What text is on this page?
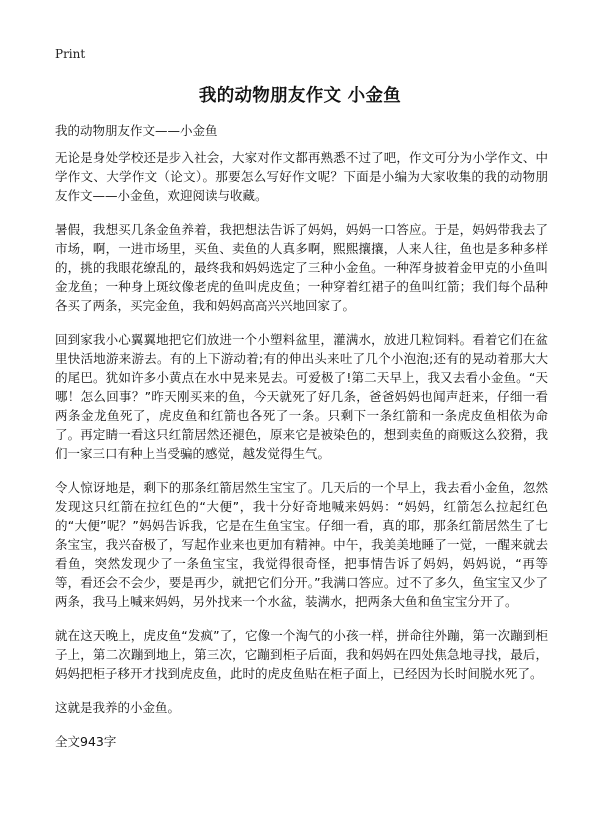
Print
我的动物朋友作文 小金鱼
我的动物朋友作文——小金鱼

无论是身处学校还是步入社会，大家对作文都再熟悉不过了吧，作文可分为小学作文、中学作文、大学作文（论文）。那要怎么写好作文呢？下面是小编为大家收集的我的动物朋友作文——小金鱼，欢迎阅读与收藏。

暑假，我想买几条金鱼养着，我把想法告诉了妈妈，妈妈一口答应。于是，妈妈带我去了市场，啊，一进市场里，买鱼、卖鱼的人真多啊，熙熙攘攘，人来人往，鱼也是多种多样的，挑的我眼花缭乱的，最终我和妈妈选定了三种小金鱼。一种浑身披着金甲克的小鱼叫金龙鱼；一种身上斑纹像老虎的鱼叫虎皮鱼；一种穿着红裙子的鱼叫红箭；我们每个品种各买了两条，买完金鱼，我和妈妈高高兴兴地回家了。

回到家我小心翼翼地把它们放进一个小塑料盆里，灌满水，放进几粒饲料。看着它们在盆里快活地游来游去。有的上下游动着;有的伸出头来吐了几个小泡泡;还有的晃动着那大大的尾巴。犹如许多小黄点在水中晃来晃去。可爱极了!第二天早上，我又去看小金鱼。“天哪！怎么回事？”昨天刚买来的鱼，今天就死了好几条，爸爸妈妈也闻声赶来，仔细一看两条金龙鱼死了，虎皮鱼和红箭也各死了一条。只剩下一条红箭和一条虎皮鱼相依为命了。再定睛一看这只红箭居然还褪色，原来它是被染色的，想到卖鱼的商贩这么狡猾，我们一家三口有种上当受骗的感觉，越发觉得生气。

令人惊讶地是，剩下的那条红箭居然生宝宝了。几天后的一个早上，我去看小金鱼，忽然发现这只红箭在拉红色的“大便”，我十分好奇地喊来妈妈：“妈妈，红箭怎么拉起红色的“大便”呢？”妈妈告诉我，它是在生鱼宝宝。仔细一看，真的耶，那条红箭居然生了七条宝宝，我兴奋极了，写起作业来也更加有精神。中午，我美美地睡了一觉，一醒来就去看鱼，突然发现少了一条鱼宝宝，我觉得很奇怪，把事情告诉了妈妈，妈妈说，“再等等，看还会不会少，要是再少，就把它们分开。”我满口答应。过不了多久，鱼宝宝又少了两条，我马上喊来妈妈，另外找来一个水盆，装满水，把两条大鱼和鱼宝宝分开了。

就在这天晚上，虎皮鱼“发疯”了，它像一个淘气的小孩一样，拼命往外蹦，第一次蹦到柜子上，第二次蹦到地上，第三次，它蹦到柜子后面，我和妈妈在四处焦急地寻找，最后，妈妈把柜子移开才找到虎皮鱼，此时的虎皮鱼贴在柜子面上，已经因为长时间脱水死了。

这就是我养的小金鱼。

全文943字
